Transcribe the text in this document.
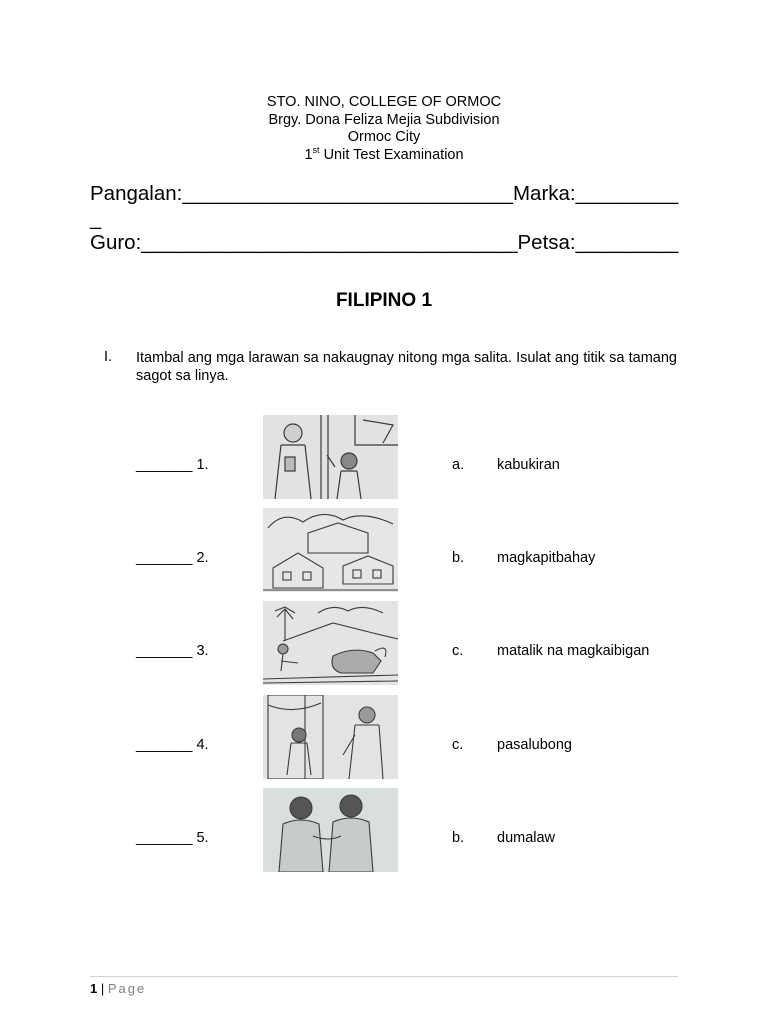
STO. NINO, COLLEGE OF ORMOC
Brgy. Dona Feliza Mejia Subdivision
Ormoc City
1st Unit Test Examination
Pangalan:_____________________________Marka:_________
_
Guro:_________________________________Petsa:_________
FILIPINO 1
I. Itambal ang mga larawan sa nakaugnay nitong mga salita. Isulat ang titik sa tamang sagot sa linya.
_______ 1.	a. kabukiran
_______ 2.	b. magkapitbahay
_______ 3.	c. matalik na magkaibigan
_______ 4.	c. pasalubong
_______ 5.	b. dumalaw
1 | Page
